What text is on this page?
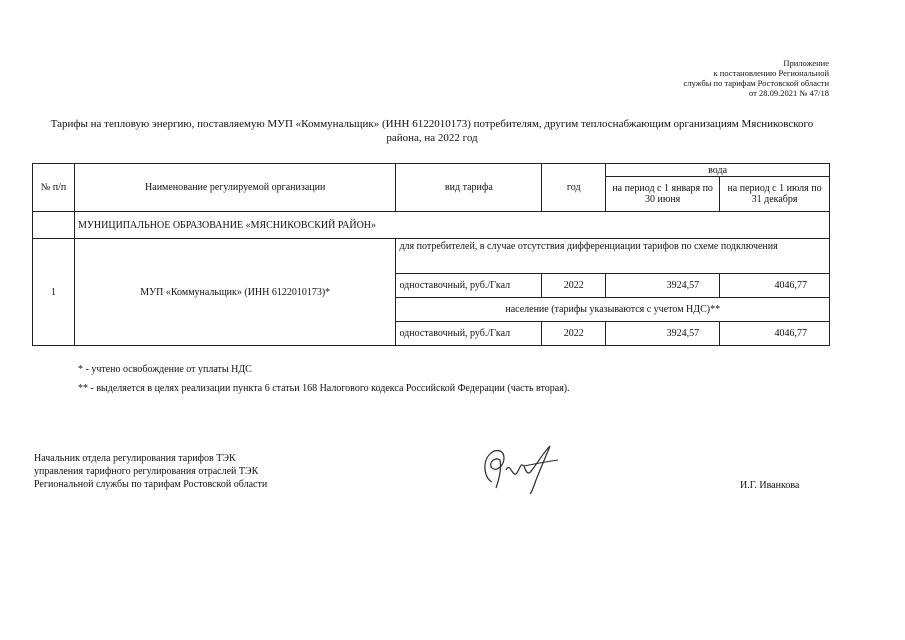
Приложение
к постановлению Региональной
службы по тарифам Ростовской области
от 28.09.2021 № 47/18
Тарифы на тепловую энергию, поставляемую МУП «Коммунальщик» (ИНН 6122010173) потребителям, другим теплоснабжающим организациям Мясниковского
района, на 2022 год
№ п/п	Наименование регулируемой организации	вид тарифа	год	вода	
				на период с 1 января по 30 июня	на период с 1 июля по 31 декабря
	МУНИЦИПАЛЬНОЕ ОБРАЗОВАНИЕ «МЯСНИКОВСКИЙ РАЙОН»				
1	МУП «Коммунальщик» (ИНН 6122010173)*	для потребителей, в случае отсутствия дифференциации тарифов по схеме подключения			
		одноставочный, руб./Гкал	2022	3924,57	4046,77
		население (тарифы указываются с учетом НДС)**			
		одноставочный, руб./Гкал	2022	3924,57	4046,77
* - учтено освобождение от уплаты НДС
** - выделяется в целях реализации пункта 6 статьи 168 Налогового кодекса Российской Федерации (часть вторая).
Начальник отдела регулирования тарифов ТЭК
управления тарифного регулирования отраслей ТЭК
Региональной службы по тарифам Ростовской области	И.Г. Иванкова
